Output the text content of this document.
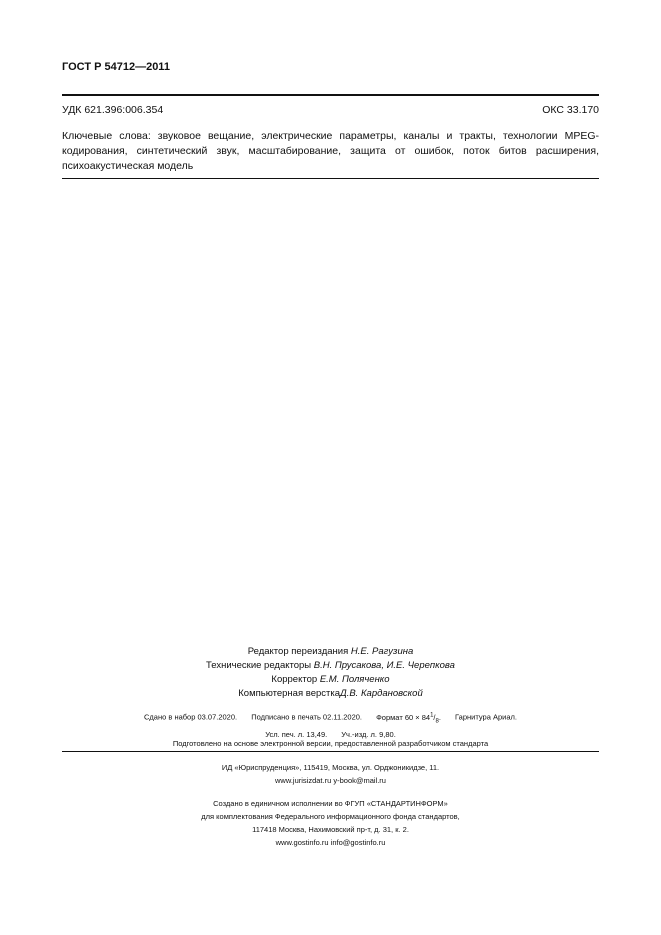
ГОСТ Р 54712—2011
УДК 621.396:006.354	ОКС 33.170
Ключевые слова: звуковое вещание, электрические параметры, каналы и тракты, технологии MPEG-кодирования, синтетический звук, масштабирование, защита от ошибок, поток битов расширения, психоакустическая модель
Редактор переиздания Н.Е. Рагузина
Технические редакторы В.Н. Прусакова, И.Е. Черепкова
Корректор Е.М. Поляченко
Компьютерная версткаД.В. Кардановской
Сдано в набор 03.07.2020. Подписано в печать 02.11.2020. Формат $60 \times 84^1/_8$. Гарнитура Ариал.
Усл. печ. л. 13,49. Уч.-изд. л. 9,80.
Подготовлено на основе электронной версии, предоставленной разработчиком стандарта
ИД «Юриспруденция», 115419, Москва, ул. Орджоникидзе, 11.
www.jurisizdat.ru y-book@mail.ru
Создано в единичном исполнении во ФГУП «СТАНДАРТИНФОРМ»
для комплектования Федерального информационного фонда стандартов,
117418 Москва, Нахимовский пр-т, д. 31, к. 2.
www.gostinfo.ru info@gostinfo.ru
